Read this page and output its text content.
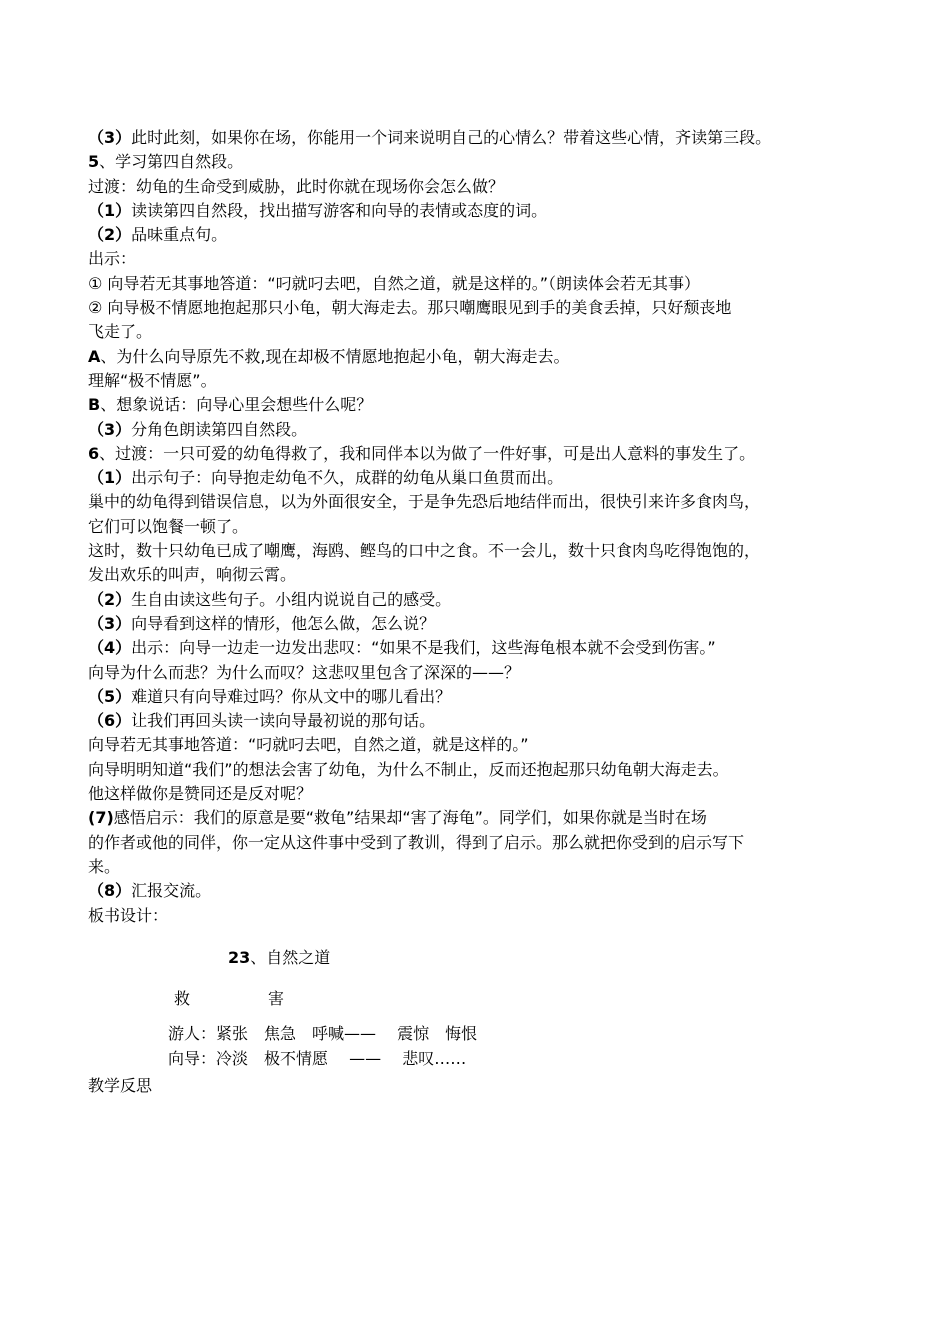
（3）此时此刻，如果你在场，你能用一个词来说明自己的心情么？带着这些心情，齐读第三段。
5、学习第四自然段。
过渡：幼龟的生命受到威胁，此时你就在现场你会怎么做？
（1）读读第四自然段，找出描写游客和向导的表情或态度的词。
（2）品味重点句。
出示：
① 向导若无其事地答道：“叼就叼去吧，自然之道，就是这样的。”（朗读体会若无其事）
② 向导极不情愿地抱起那只小龟，朝大海走去。那只嘲鹰眼见到手的美食丢掉，只好颓丧地
飞走了。
A、为什么向导原先不救,现在却极不情愿地抱起小龟，朝大海走去。
理解“极不情愿”。
B、想象说话：向导心里会想些什么呢？
（3）分角色朗读第四自然段。
6、过渡：一只可爱的幼龟得救了，我和同伴本以为做了一件好事，可是出人意料的事发生了。
（1）出示句子：向导抱走幼龟不久，成群的幼龟从巢口鱼贯而出。
巢中的幼龟得到错误信息，以为外面很安全，于是争先恐后地结伴而出，很快引来许多食肉鸟，
它们可以饱餐一顿了。
这时，数十只幼龟已成了嘲鹰，海鸥、鲣鸟的口中之食。不一会儿，数十只食肉鸟吃得饱饱的，
发出欢乐的叫声，响彻云霄。
（2）生自由读这些句子。小组内说说自己的感受。
（3）向导看到这样的情形，他怎么做，怎么说？
（4）出示：向导一边走一边发出悲叹：“如果不是我们，这些海龟根本就不会受到伤害。”
向导为什么而悲？为什么而叹？这悲叹里包含了深深的——？
（5）难道只有向导难过吗？你从文中的哪儿看出？
（6）让我们再回头读一读向导最初说的那句话。
向导若无其事地答道：“叼就叼去吧，自然之道，就是这样的。”
向导明明知道“我们”的想法会害了幼龟，为什么不制止，反而还抱起那只幼龟朝大海走去。
他这样做你是赞同还是反对呢？
(7)感悟启示：我们的原意是要“救龟”结果却“害了海龟”。同学们，如果你就是当时在场
的作者或他的同伴，你一定从这件事中受到了教训，得到了启示。那么就把你受到的启示写下
来。
（8）汇报交流。
板书设计：
23、自然之道
救	害
游人：紧张　焦急　呼喊——　 震惊　悔恨
向导：冷淡　极不情愿　 ——　 悲叹……
教学反思
